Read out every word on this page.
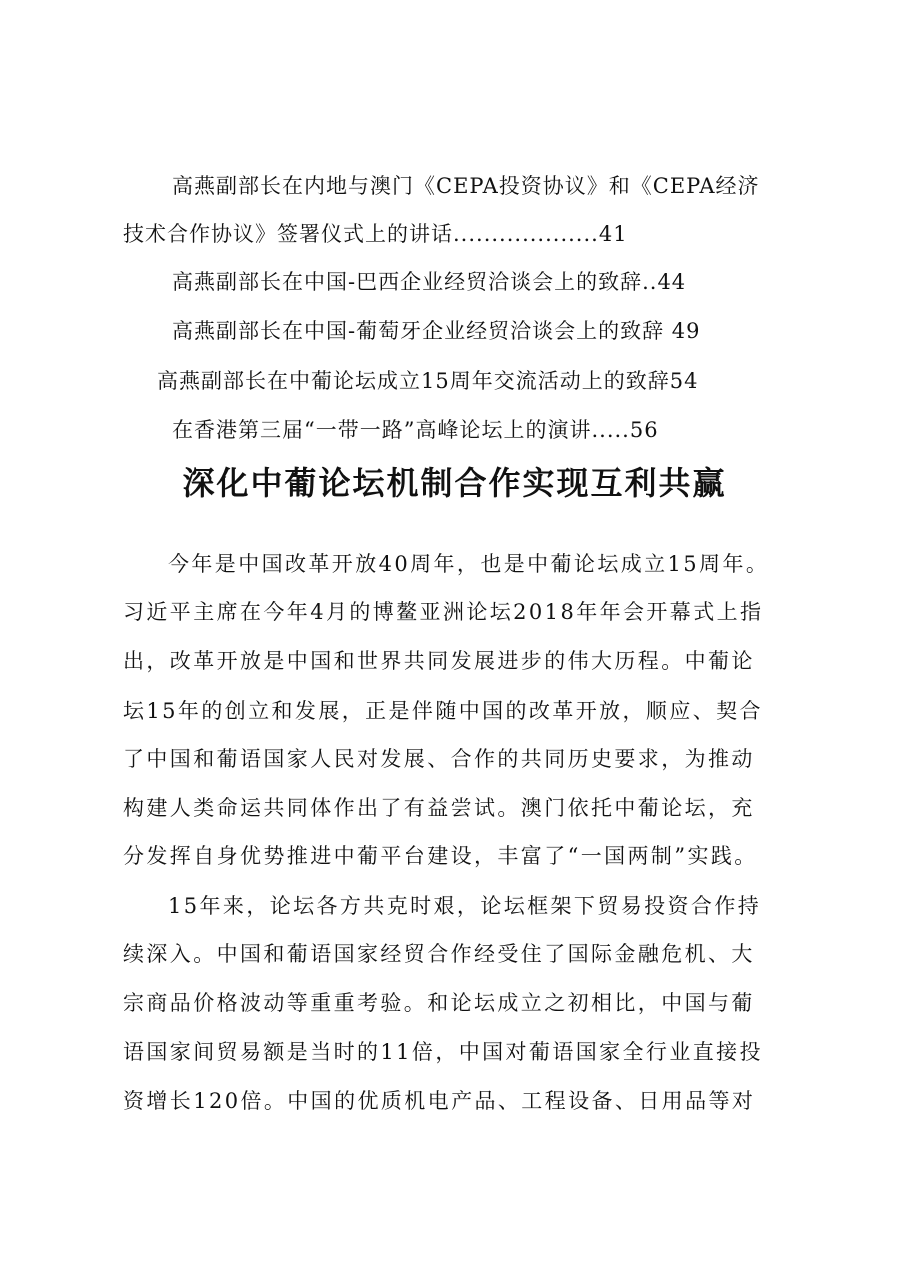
高燕副部长在内地与澳门《CEPA投资协议》和《CEPA经济
技术合作协议》签署仪式上的讲话...................41
高燕副部长在中国-巴西企业经贸洽谈会上的致辞..44
高燕副部长在中国-葡萄牙企业经贸洽谈会上的致辞 49
高燕副部长在中葡论坛成立15周年交流活动上的致辞54
在香港第三届“一带一路”高峰论坛上的演讲.....56
深化中葡论坛机制合作实现互利共赢
今年是中国改革开放40周年，也是中葡论坛成立15周年。
习近平主席在今年4月的博鳌亚洲论坛2018年年会开幕式上指
出，改革开放是中国和世界共同发展进步的伟大历程。中葡论
坛15年的创立和发展，正是伴随中国的改革开放，顺应、契合
了中国和葡语国家人民对发展、合作的共同历史要求，为推动
构建人类命运共同体作出了有益尝试。澳门依托中葡论坛，充
分发挥自身优势推进中葡平台建设，丰富了“一国两制”实践。
15年来，论坛各方共克时艰，论坛框架下贸易投资合作持
续深入。中国和葡语国家经贸合作经受住了国际金融危机、大
宗商品价格波动等重重考验。和论坛成立之初相比，中国与葡
语国家间贸易额是当时的11倍，中国对葡语国家全行业直接投
资增长120倍。中国的优质机电产品、工程设备、日用品等对
